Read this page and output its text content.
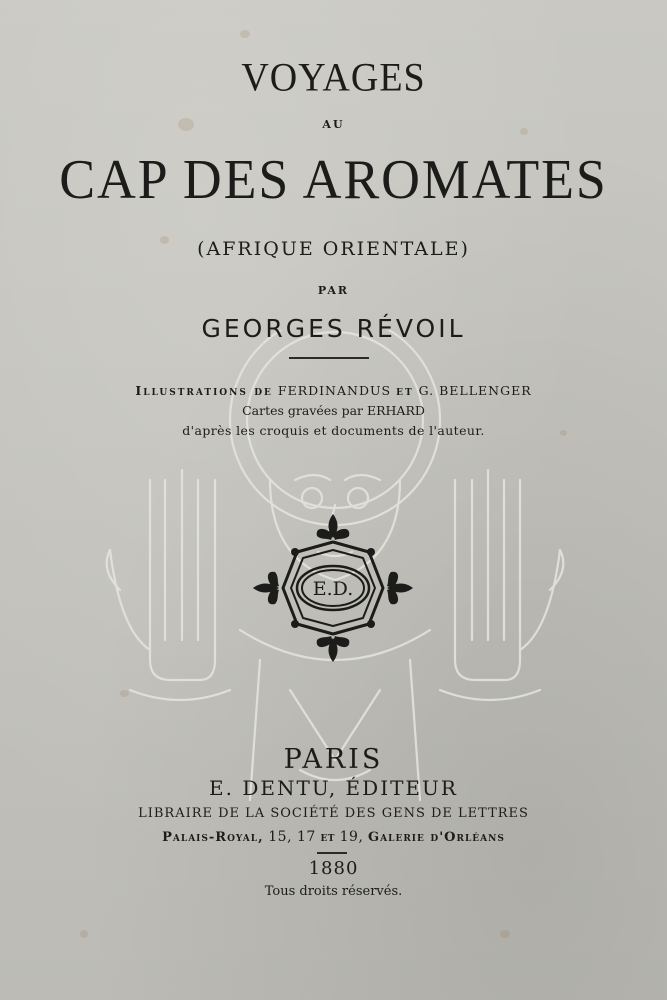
VOYAGES
AU
CAP DES AROMATES
(AFRIQUE ORIENTALE)
PAR
GEORGES RÉVOIL
Illustrations de FERDINANDUS et G. BELLENGER
Cartes gravées par ERHARD
d'après les croquis et documents de l'auteur.
E.D.
PARIS
E. DENTU, ÉDITEUR
LIBRAIRE DE LA SOCIÉTÉ DES GENS DE LETTRES
Palais-Royal, 15, 17 et 19, Galerie d'Orléans
1880
Tous droits réservés.
